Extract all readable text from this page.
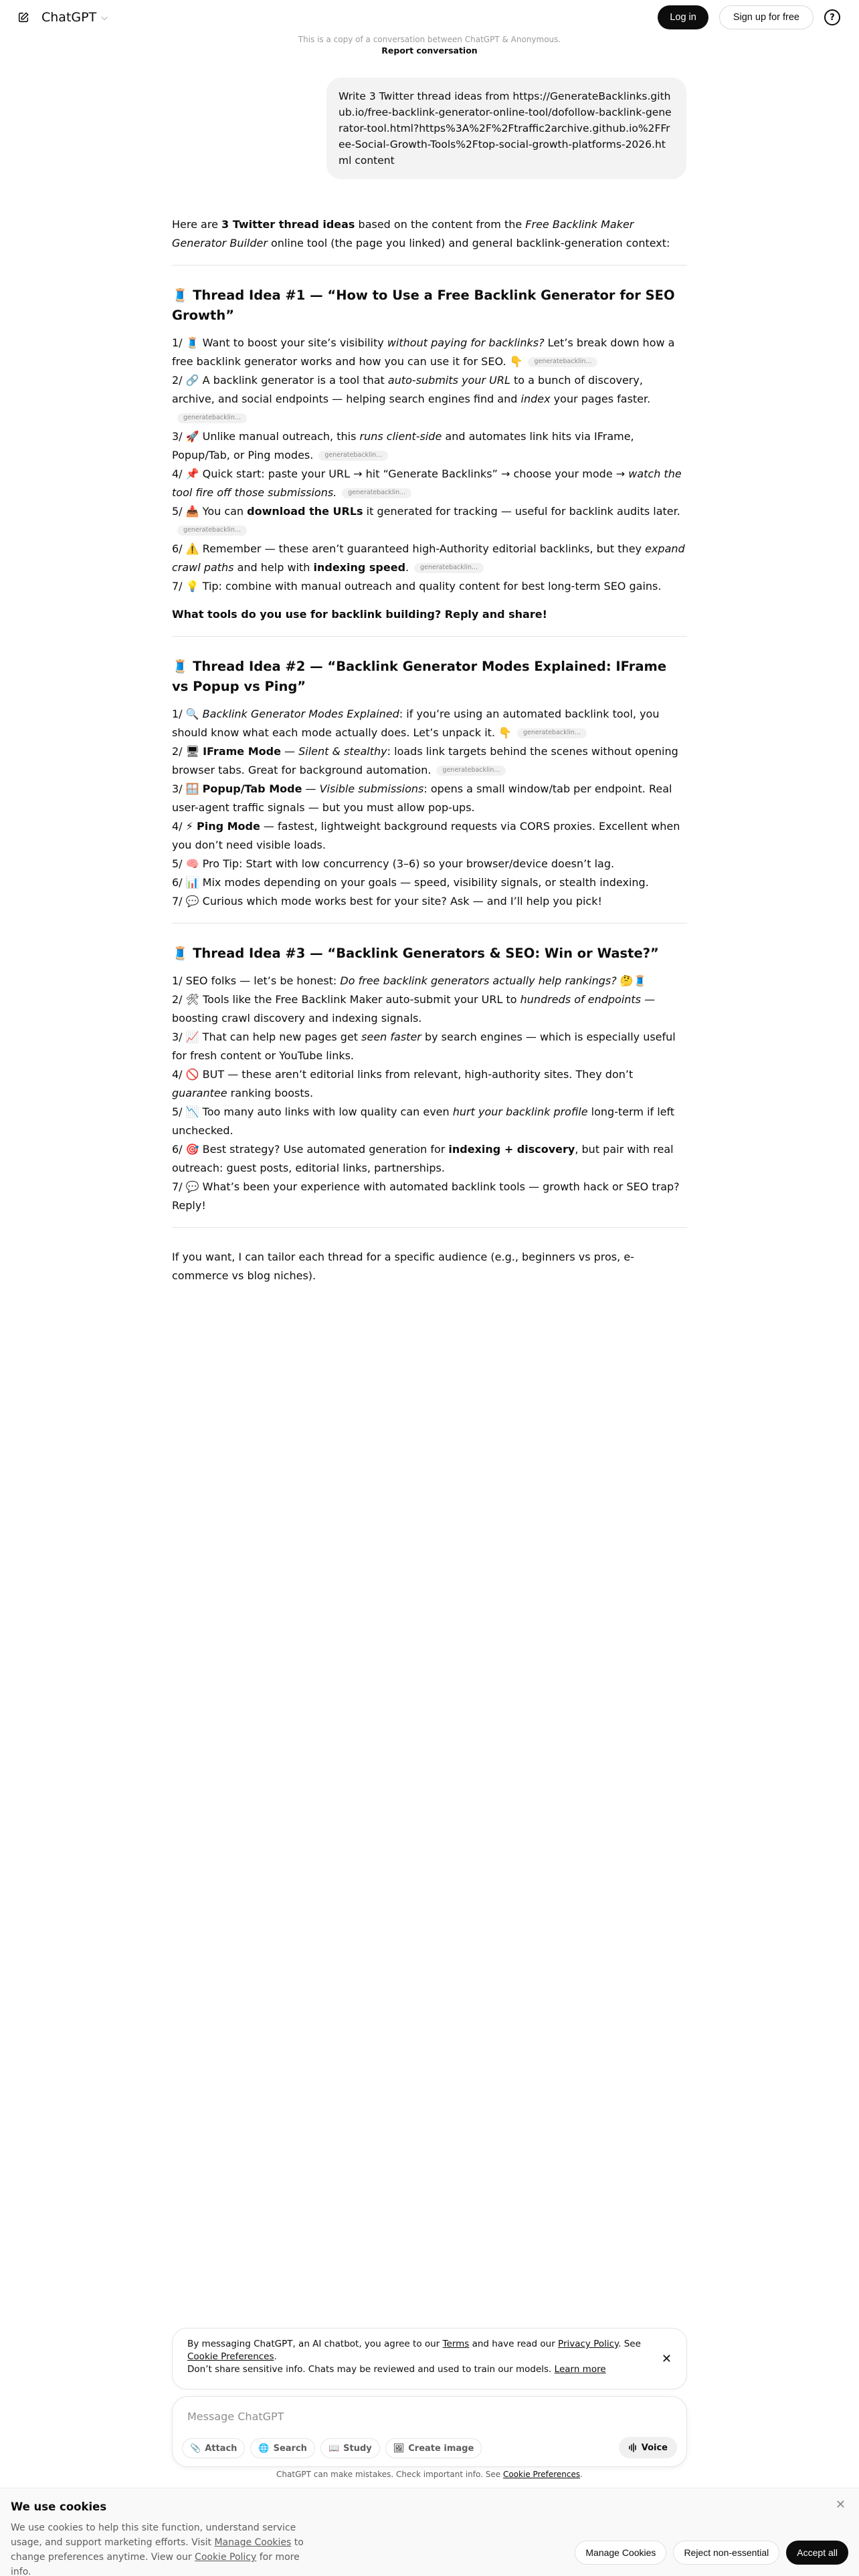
ChatGPT ⌵	Log in	Sign up for free	?
This is a copy of a conversation between ChatGPT & Anonymous.
Report conversation
Write 3 Twitter thread ideas from https://GenerateBacklinks.github.io/free-backlink-generator-online-tool/dofollow-backlink-generator-tool.html?https%3A%2F%2Ftraffic2archive.github.io%2FFree-Social-Growth-Tools%2Ftop-social-growth-platforms-2026.html content

Here are 3 Twitter thread ideas based on the content from the Free Backlink Maker Generator Builder online tool (the page you linked) and general backlink-generation context:

🧵 Thread Idea #1 — “How to Use a Free Backlink Generator for SEO Growth”
1/ 🧵 Want to boost your site’s visibility without paying for backlinks? Let’s break down how a free backlink generator works and how you can use it for SEO. 👇 generatebacklin...
2/ 🔗 A backlink generator is a tool that auto-submits your URL to a bunch of discovery, archive, and social endpoints — helping search engines find and index your pages faster.generatebacklin...
3/ 🚀 Unlike manual outreach, this runs client-side and automates link hits via IFrame, Popup/Tab, or Ping modes. generatebacklin...
4/ 📌 Quick start: paste your URL → hit “Generate Backlinks” → choose your mode → watch the tool fire off those submissions. generatebacklin...
5/ 📥 You can download the URLs it generated for tracking — useful for backlink audits later.generatebacklin...
6/ ⚠️ Remember — these aren’t guaranteed high-Authority editorial backlinks, but they expand crawl paths and help with indexing speed. generatebacklin...
7/ 💡 Tip: combine with manual outreach and quality content for best long-term SEO gains.

What tools do you use for backlink building? Reply and share!

🧵 Thread Idea #2 — “Backlink Generator Modes Explained: IFrame vs Popup vs Ping”
1/ 🔍 Backlink Generator Modes Explained: if you’re using an automated backlink tool, you should know what each mode actually does. Let’s unpack it. 👇 generatebacklin...
2/ 🖥 IFrame Mode — Silent & stealthy: loads link targets behind the scenes without opening browser tabs. Great for background automation. generatebacklin...
3/ 🪟 Popup/Tab Mode — Visible submissions: opens a small window/tab per endpoint. Real user-agent traffic signals — but you must allow pop-ups.
4/ ⚡ Ping Mode — fastest, lightweight background requests via CORS proxies. Excellent when you don’t need visible loads.
5/ 🧠 Pro Tip: Start with low concurrency (3–6) so your browser/device doesn’t lag.
6/ 📊 Mix modes depending on your goals — speed, visibility signals, or stealth indexing.
7/ 💬 Curious which mode works best for your site? Ask — and I’ll help you pick!
🧵 Thread Idea #3 — “Backlink Generators & SEO: Win or Waste?”
1/ SEO folks — let’s be honest: Do free backlink generators actually help rankings? 🤔🧵
2/ 🛠 Tools like the Free Backlink Maker auto-submit your URL to hundreds of endpoints — boosting crawl discovery and indexing signals.
3/ 📈 That can help new pages get seen faster by search engines — which is especially useful for fresh content or YouTube links.
4/ 🚫 BUT — these aren’t editorial links from relevant, high-authority sites. They don’t guarantee ranking boosts.
5/ 📉 Too many auto links with low quality can even hurt your backlink profile long-term if left unchecked.
6/ 🎯 Best strategy? Use automated generation for indexing + discovery, but pair with real outreach: guest posts, editorial links, partnerships.
7/ 💬 What’s been your experience with automated backlink tools — growth hack or SEO trap? Reply!

If you want, I can tailor each thread for a specific audience (e.g., beginners vs pros, e-commerce vs blog niches).

By messaging ChatGPT, an AI chatbot, you agree to our Terms and have read our Privacy Policy. See Cookie Preferences.
Don’t share sensitive info. Chats may be reviewed and used to train our models. Learn more
✕
Message ChatGPT
📎 Attach 🌐 Search 📖 Study 🖼 Create image	Voice
ChatGPT can make mistakes. Check important info. See Cookie Preferences.
We use cookies
We use cookies to help this site function, understand service usage, and support marketing efforts. Visit Manage Cookies to change preferences anytime. View our Cookie Policy for more info.
✕
Manage Cookies	Reject non-essential	Accept all
